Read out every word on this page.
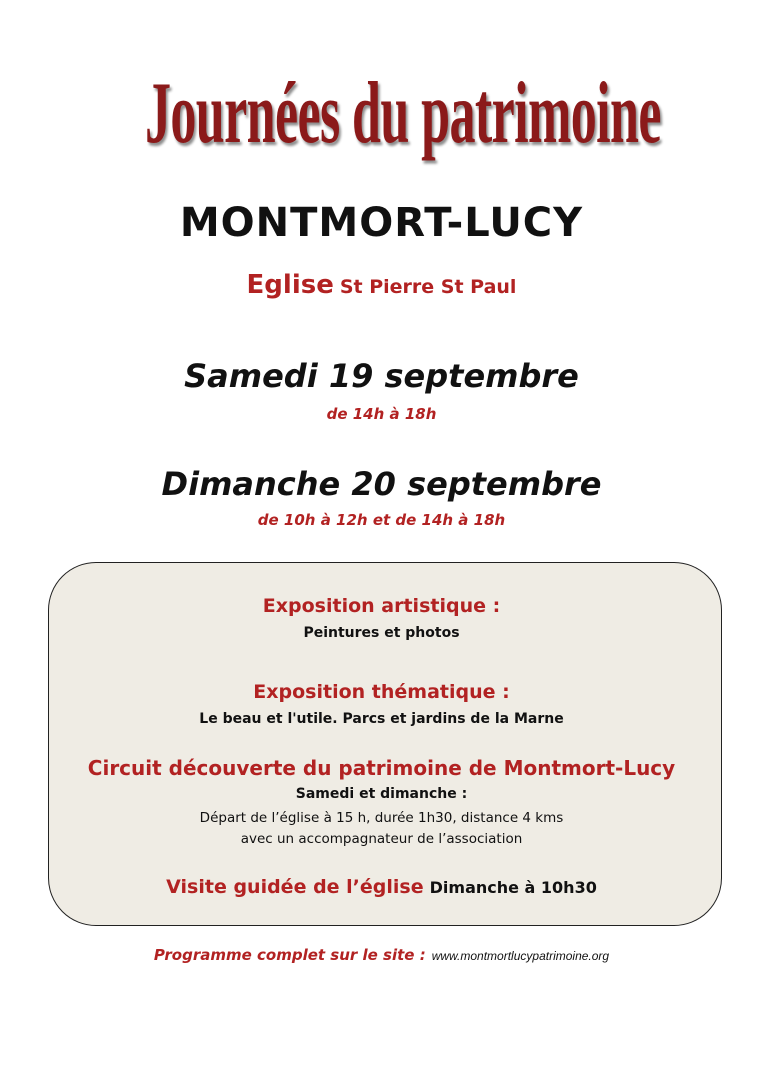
Journées du patrimoine
MONTMORT-LUCY
Eglise St Pierre St Paul
Samedi 19 septembre
de 14h à 18h
Dimanche 20 septembre
de 10h à 12h et de 14h à 18h
Exposition artistique :
Peintures et photos
Exposition thématique :
Le beau et l'utile. Parcs et jardins de la Marne
Circuit découverte du patrimoine de Montmort-Lucy
Samedi et dimanche :
Départ de l’église à 15 h, durée 1h30, distance 4 kms
avec un accompagnateur de l’association
Visite guidée de l’église Dimanche à 10h30
Programme complet sur le site : www.montmortlucypatrimoine.org
